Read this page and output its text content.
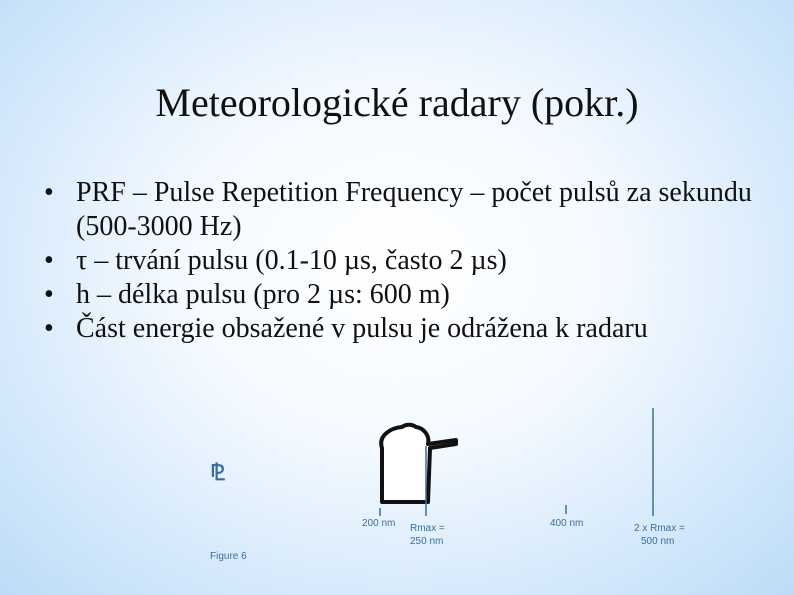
Meteorologické radary (pokr.)
• PRF – Pulse Repetition Frequency – počet pulsů za sekundu (500-3000 Hz)
• τ – trvání pulsu (0.1-10 µs, často 2 µs)
• h – délka pulsu (pro 2 µs: 600 m)
• Část energie obsažené v pulsu je odrážena k radaru
⅊
200 nm Rmax =
250 nm
400 nm	2 x Rmax =
500 nm
Figure 6
